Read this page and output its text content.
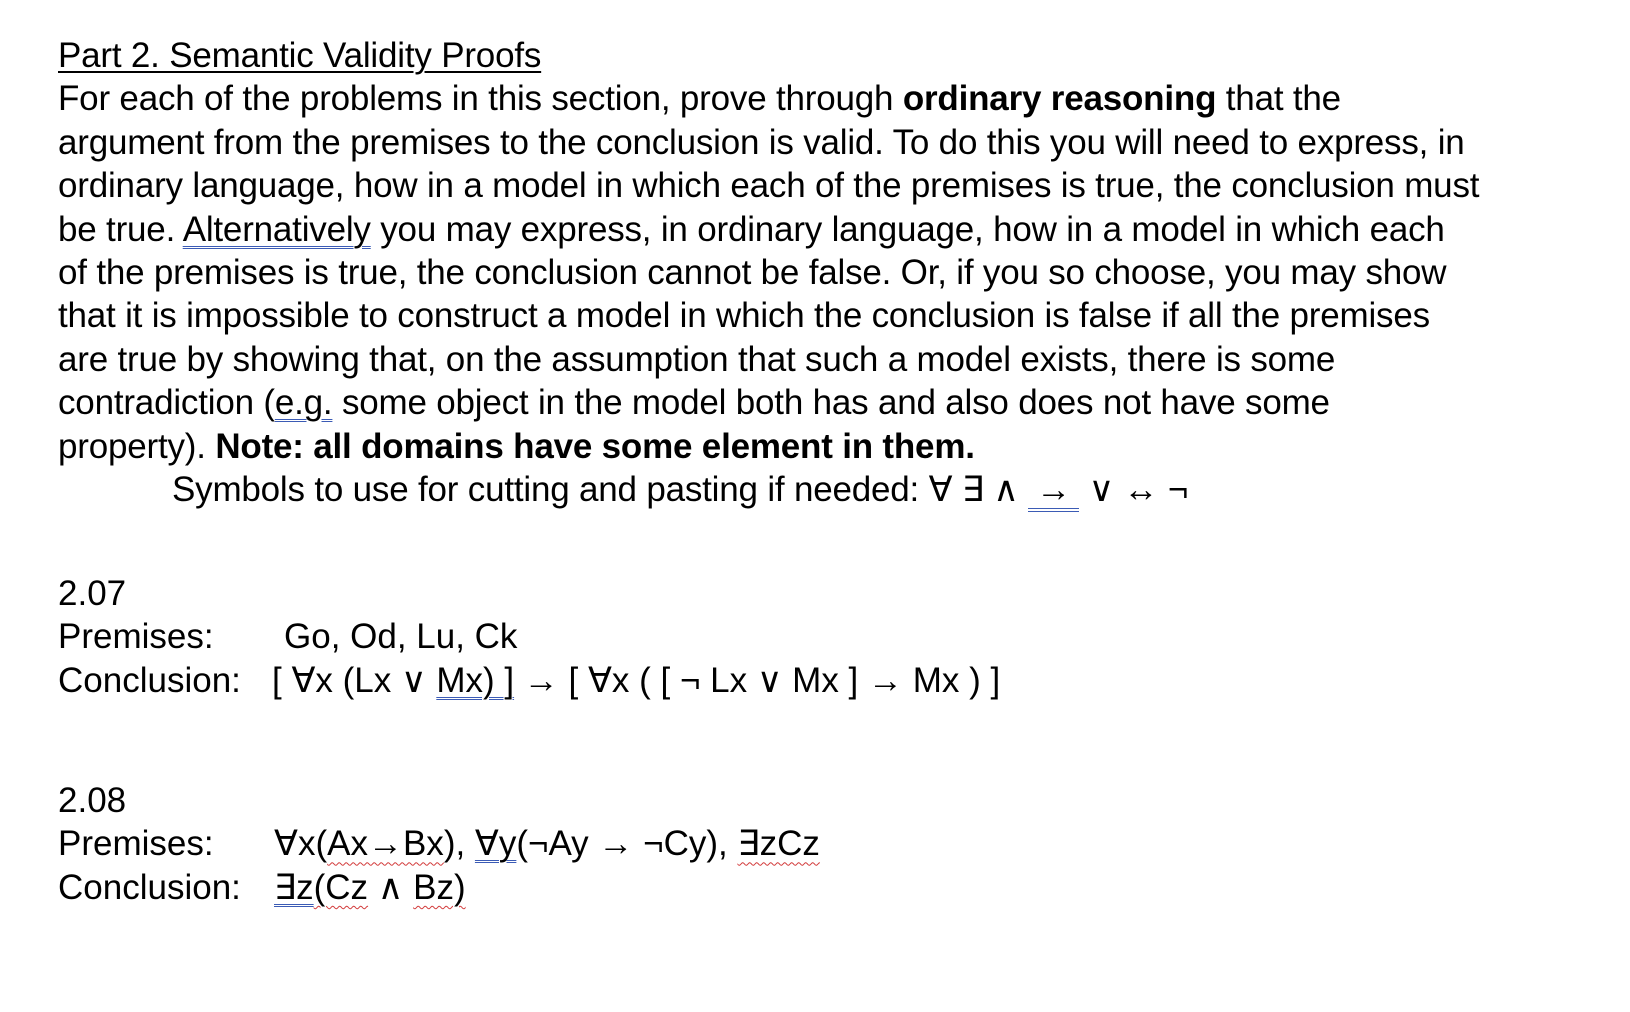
Part 2. Semantic Validity Proofs
For each of the problems in this section, prove through ordinary reasoning that the
argument from the premises to the conclusion is valid. To do this you will need to express, in
ordinary language, how in a model in which each of the premises is true, the conclusion must
be true. Alternatively you may express, in ordinary language, how in a model in which each
of the premises is true, the conclusion cannot be false. Or, if you so choose, you may show
that it is impossible to construct a model in which the conclusion is false if all the premises
are true by showing that, on the assumption that such a model exists, there is some
contradiction (e.g. some object in the model both has and also does not have some
property). Note: all domains have some element in them.
Symbols to use for cutting and pasting if needed: ∀ ∃ ∧ → ∨ ↔ ¬
2.07
Premises: Go, Od, Lu, Ck
Conclusion: [ ∀x (Lx ∨ Mx) ] → [ ∀x ( [ ¬ Lx ∨ Mx ] → Mx ) ]
2.08
Premises: ∀x(Ax→Bx), ∀y(¬Ay → ¬Cy), ∃zCz
Conclusion: ∃z(Cz ∧ Bz)
